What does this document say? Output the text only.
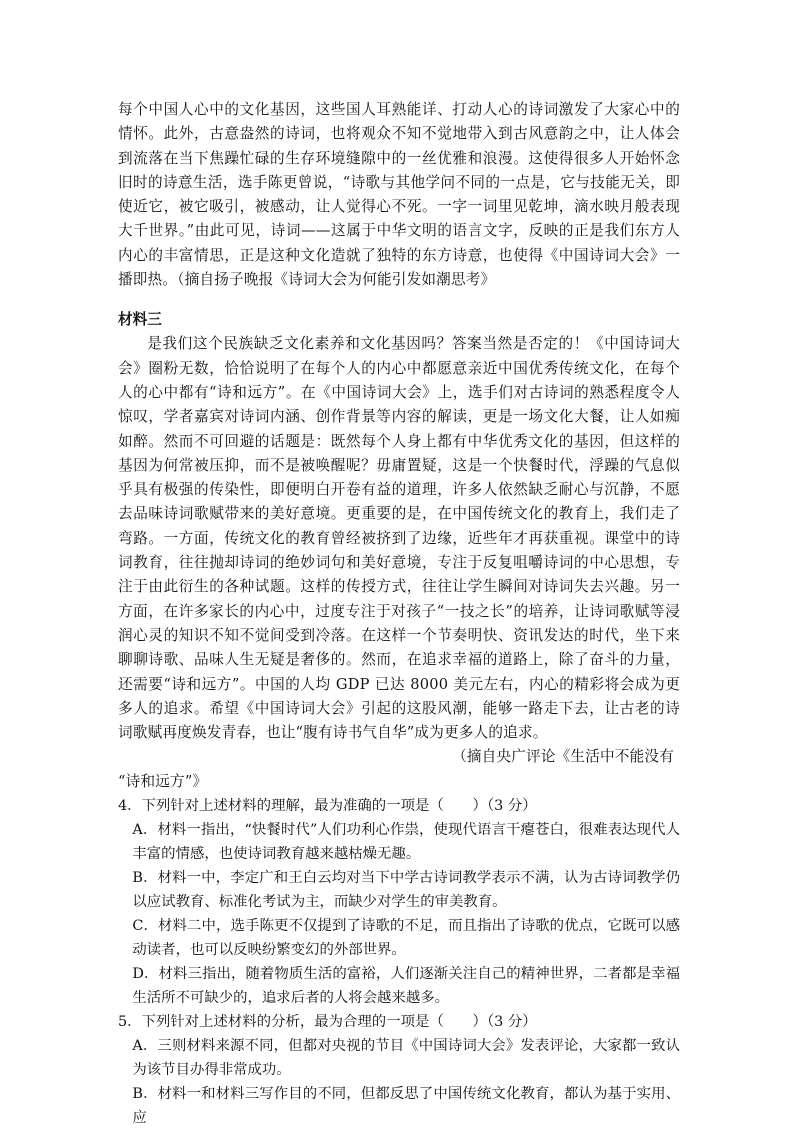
每个中国人心中的文化基因，这些国人耳熟能详、打动人心的诗词激发了大家心中的情怀。此外，古意盎然的诗词，也将观众不知不觉地带入到古风意韵之中，让人体会到流落在当下焦躁忙碌的生存环境缝隙中的一丝优雅和浪漫。这使得很多人开始怀念旧时的诗意生活，选手陈更曾说，“诗歌与其他学问不同的一点是，它与技能无关，即使近它，被它吸引，被感动，让人觉得心不死。一字一词里见乾坤，滴水映月般表现大千世界。”由此可见，诗词——这属于中华文明的语言文字，反映的正是我们东方人内心的丰富情思，正是这种文化造就了独特的东方诗意，也使得《中国诗词大会》一播即热。（摘自扬子晚报《诗词大会为何能引发如潮思考》

材料三

是我们这个民族缺乏文化素养和文化基因吗？答案当然是否定的！《中国诗词大会》圈粉无数，恰恰说明了在每个人的内心中都愿意亲近中国优秀传统文化，在每个人的心中都有“诗和远方”。在《中国诗词大会》上，选手们对古诗词的熟悉程度令人惊叹，学者嘉宾对诗词内涵、创作背景等内容的解读，更是一场文化大餐，让人如痴如醉。然而不可回避的话题是：既然每个人身上都有中华优秀文化的基因，但这样的基因为何常被压抑，而不是被唤醒呢？毋庸置疑，这是一个快餐时代，浮躁的气息似乎具有极强的传染性，即便明白开卷有益的道理，许多人依然缺乏耐心与沉静，不愿去品味诗词歌赋带来的美好意境。更重要的是，在中国传统文化的教育上，我们走了弯路。一方面，传统文化的教育曾经被挤到了边缘，近些年才再获重视。课堂中的诗词教育，往往抛却诗词的绝妙词句和美好意境，专注于反复咀嚼诗词的中心思想，专注于由此衍生的各种试题。这样的传授方式，往往让学生瞬间对诗词失去兴趣。另一方面，在许多家长的内心中，过度专注于对孩子“一技之长”的培养，让诗词歌赋等浸润心灵的知识不知不觉间受到冷落。在这样一个节奏明快、资讯发达的时代，坐下来聊聊诗歌、品味人生无疑是奢侈的。然而，在追求幸福的道路上，除了奋斗的力量，还需要“诗和远方”。中国的人均 GDP 已达 8000 美元左右，内心的精彩将会成为更多人的追求。希望《中国诗词大会》引起的这股风潮，能够一路走下去，让古老的诗词歌赋再度焕发青春，也让“腹有诗书气自华”成为更多人的追求。

（摘自央广评论《生活中不能没有

“诗和远方”》

4．下列针对上述材料的理解，最为准确的一项是（　　）（3 分）

A．材料一指出，“快餐时代”人们功利心作祟，使现代语言干瘪苍白，很难表达现代人丰富的情感，也使诗词教育越来越枯燥无趣。

B．材料一中，李定广和王白云均对当下中学古诗词教学表示不满，认为古诗词教学仍以应试教育、标准化考试为主，而缺少对学生的审美教育。

C．材料二中，选手陈更不仅提到了诗歌的不足，而且指出了诗歌的优点，它既可以感动读者，也可以反映纷繁变幻的外部世界。

D．材料三指出，随着物质生活的富裕，人们逐渐关注自己的精神世界，二者都是幸福生活所不可缺少的，追求后者的人将会越来越多。

5．下列针对上述材料的分析，最为合理的一项是（　　）（3 分）

A．三则材料来源不同，但都对央视的节目《中国诗词大会》发表评论，大家都一致认为该节目办得非常成功。

B．材料一和材料三写作目的不同，但都反思了中国传统文化教育，都认为基于实用、应
